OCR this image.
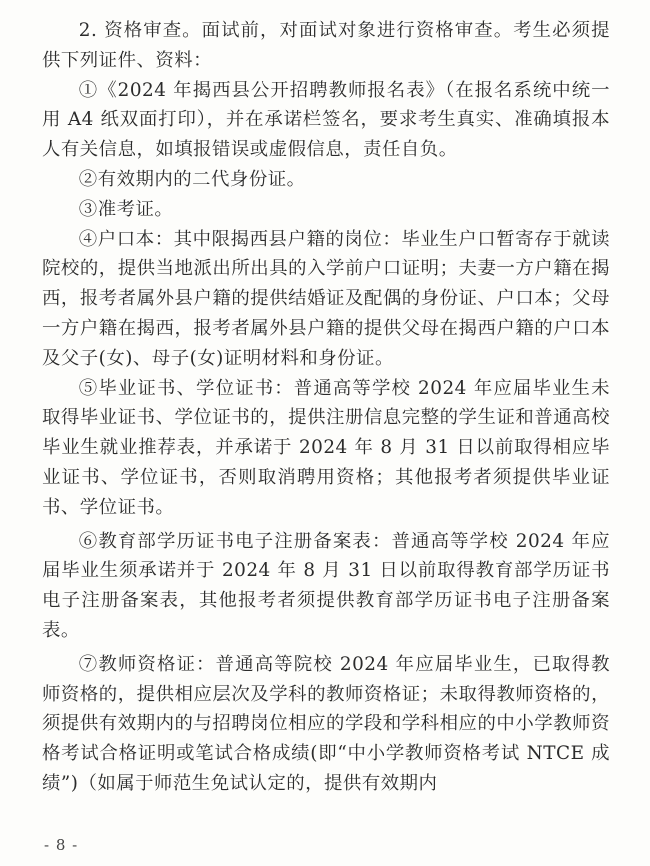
2. 资格审查。面试前，对面试对象进行资格审查。考生必须提供下列证件、资料：

①《2024 年揭西县公开招聘教师报名表》（在报名系统中统一用 A4 纸双面打印），并在承诺栏签名，要求考生真实、准确填报本人有关信息，如填报错误或虚假信息，责任自负。

②有效期内的二代身份证。

③准考证。

④户口本：其中限揭西县户籍的岗位：毕业生户口暂寄存于就读院校的，提供当地派出所出具的入学前户口证明；夫妻一方户籍在揭西，报考者属外县户籍的提供结婚证及配偶的身份证、户口本；父母一方户籍在揭西，报考者属外县户籍的提供父母在揭西户籍的户口本及父子(女)、母子(女)证明材料和身份证。

⑤毕业证书、学位证书：普通高等学校 2024 年应届毕业生未取得毕业证书、学位证书的，提供注册信息完整的学生证和普通高校毕业生就业推荐表，并承诺于 2024 年 8 月 31 日以前取得相应毕业证书、学位证书，否则取消聘用资格；其他报考者须提供毕业证书、学位证书。

⑥教育部学历证书电子注册备案表：普通高等学校 2024 年应届毕业生须承诺并于 2024 年 8 月 31 日以前取得教育部学历证书电子注册备案表，其他报考者须提供教育部学历证书电子注册备案表。

⑦教师资格证：普通高等院校 2024 年应届毕业生，已取得教师资格的，提供相应层次及学科的教师资格证；未取得教师资格的，须提供有效期内的与招聘岗位相应的学段和学科相应的中小学教师资格考试合格证明或笔试合格成绩(即“中小学教师资格考试 NTCE 成绩”)（如属于师范生免试认定的，提供有效期内

- 8 -
